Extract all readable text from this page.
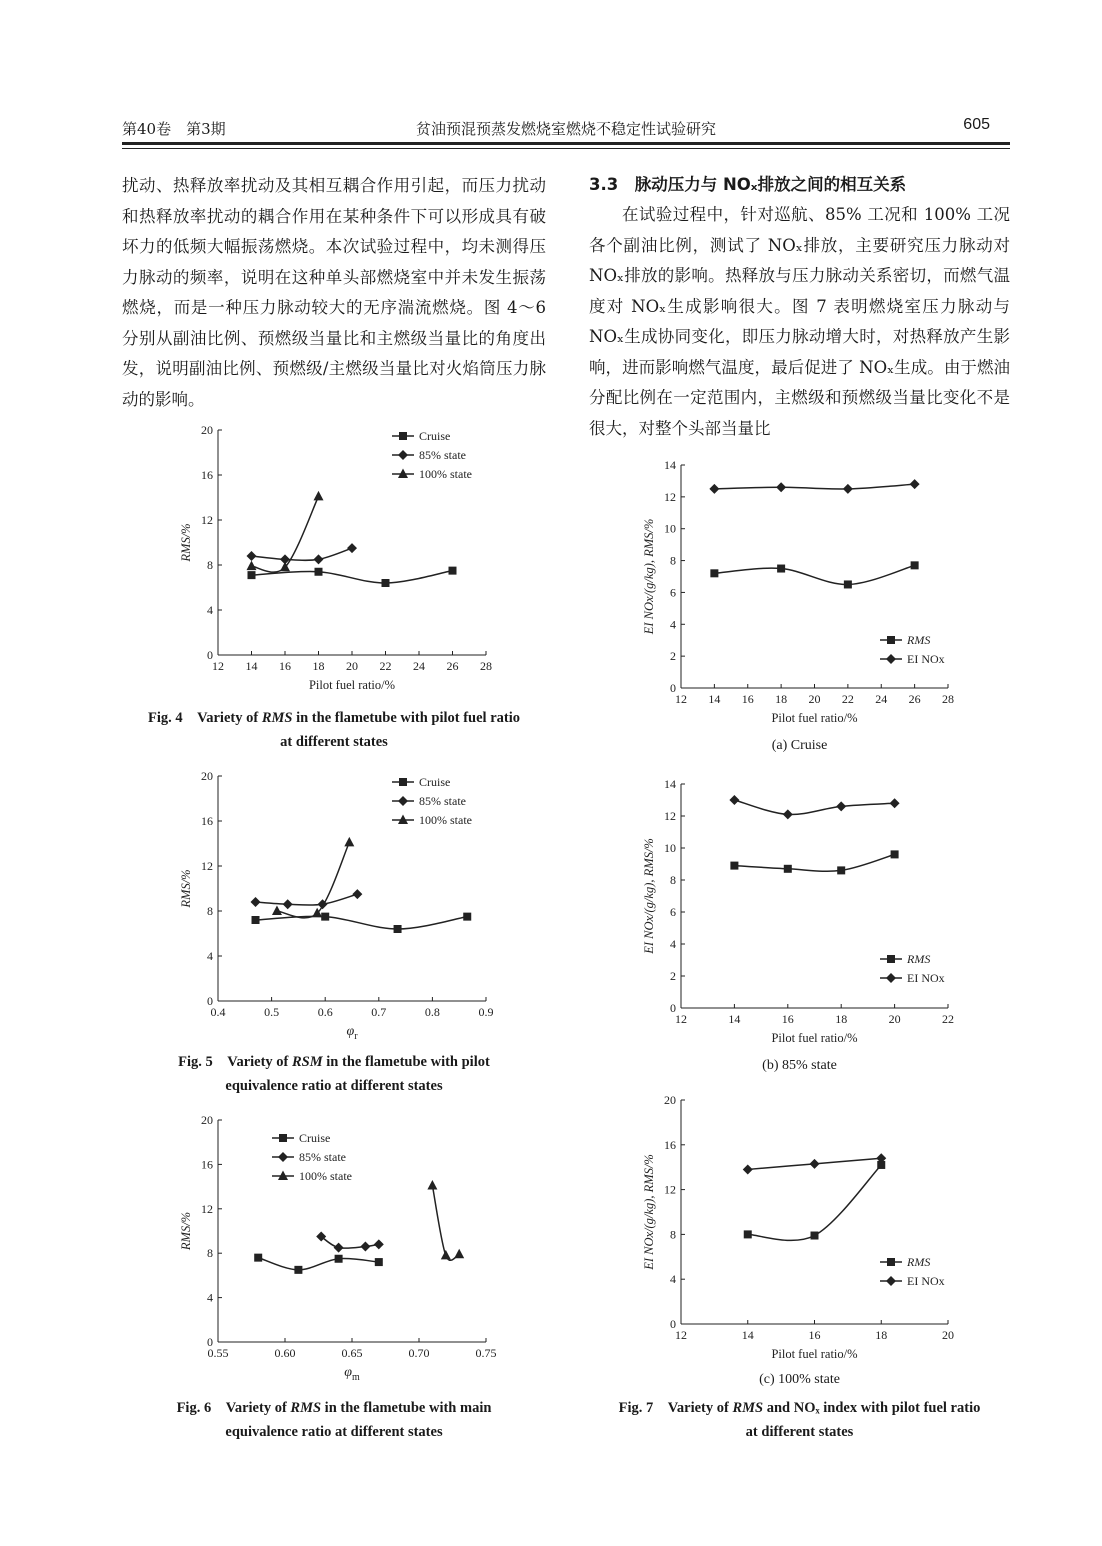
第40卷　第3期	贫油预混预蒸发燃烧室燃烧不稳定性试验研究	605

扰动、热释放率扰动及其相互耦合作用引起，而压力扰动和热释放率扰动的耦合作用在某种条件下可以形成具有破坏力的低频大幅振荡燃烧。本次试验过程中，均未测得压力脉动的频率，说明在这种单头部燃烧室中并未发生振荡燃烧，而是一种压力脉动较大的无序湍流燃烧。图 4～6 分别从副油比例、预燃级当量比和主燃级当量比的角度出发，说明副油比例、预燃级/主燃级当量比对火焰筒压力脉动的影响。

3.3　脉动压力与 NOₓ排放之间的相互关系

在试验过程中，针对巡航、85% 工况和 100% 工况各个副油比例，测试了 NOₓ排放，主要研究压力脉动对 NOₓ排放的影响。热释放与压力脉动关系密切，而燃气温度对 NOₓ生成影响很大。图 7 表明燃烧室压力脉动与 NOₓ生成协同变化，即压力脉动增大时，对热释放产生影响，进而影响燃气温度，最后促进了 NOₓ生成。由于燃油分配比例在一定范围内，主燃级和预燃级当量比变化不是很大，对整个头部当量比

12 14 16 18 20 22 24 26 28
0
4
8
12
16
20
Pilot fuel ratio/%
RMS/%
Cruise
85% state
100% state
Fig. 4　Variety of RMS in the flametube with pilot fuel ratio
at different states
0.4	0.5	0.6	0.7	0.8	0.9
0
4
8
12
16
20
$\varphi_r$
RMS/%
Cruise
85% state
100% state
Fig. 5　Variety of RSM in the flametube with pilot
equivalence ratio at different states
0.55	0.60	0.65	0.70	0.75
0
4
8
12
16
20
$\varphi_m$
RMS/%
Cruise
85% state
100% state
Fig. 6　Variety of RMS in the flametube with main
equivalence ratio at different states
12 14 16 18 20 22 24 26 28
0
2
4
6
8
10
12
14
Pilot fuel ratio/%
EI NOx/(g/kg), RMS/%
RMS
EI NOx
(a) Cruise
12	14	16	18	20	22
0
2
4
6
8
10
12
14
Pilot fuel ratio/%
EI NOx/(g/kg), RMS/%
RMS
EI NOx
(b) 85% state
12	14	16	18	20
0
4
8
12
16
20
Pilot fuel ratio/%
EI NOx/(g/kg), RMS/%	RMS
EI NOx
(c) 100% state
Fig. 7　Variety of RMS and NOₓ index with pilot fuel ratio
at different states
